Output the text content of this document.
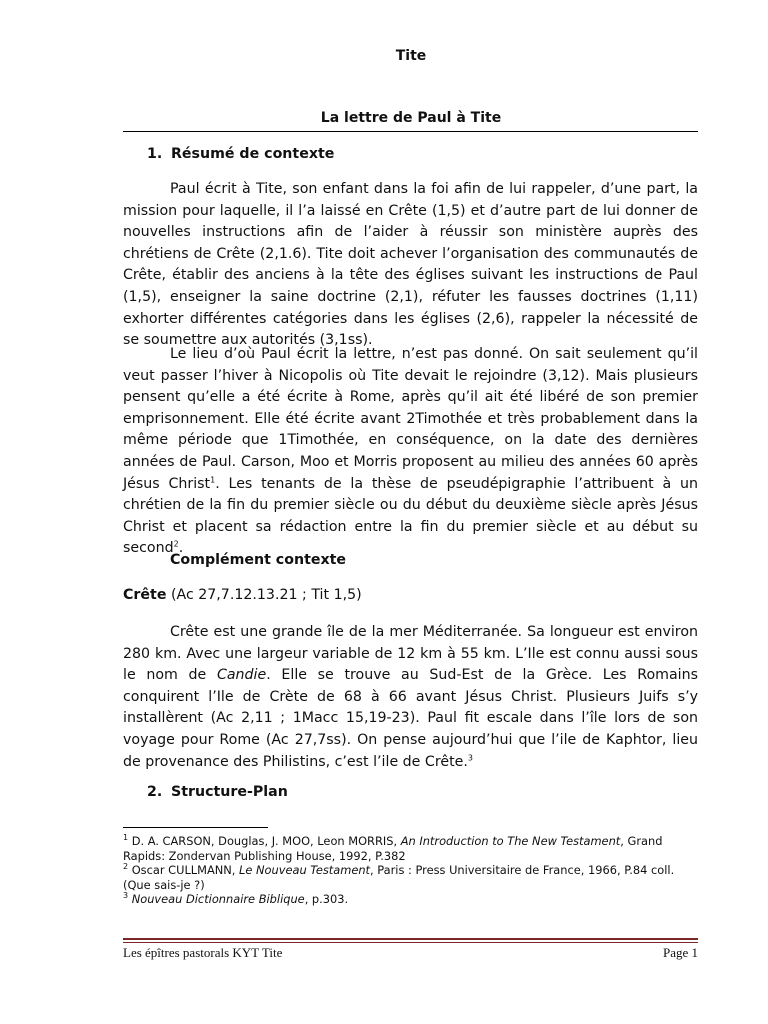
Tite
La lettre de Paul à Tite
1. Résumé de contexte

Paul écrit à Tite, son enfant dans la foi afin de lui rappeler, d’une part, la mission pour laquelle, il l’a laissé en Crête (1,5) et d’autre part de lui donner de nouvelles instructions afin de l’aider à réussir son ministère auprès des chrétiens de Crête (2,1.6). Tite doit achever l’organisation des communautés de Crête, établir des anciens à la tête des églises suivant les instructions de Paul (1,5), enseigner la saine doctrine (2,1), réfuter les fausses doctrines (1,11) exhorter différentes catégories dans les églises (2,6), rappeler la nécessité de se soumettre aux autorités (3,1ss).

Le lieu d’où Paul écrit la lettre, n’est pas donné. On sait seulement qu’il veut passer l’hiver à Nicopolis où Tite devait le rejoindre (3,12). Mais plusieurs pensent qu’elle a été écrite à Rome, après qu’il ait été libéré de son premier emprisonnement. Elle été écrite avant 2Timothée et très probablement dans la même période que 1Timothée, en conséquence, on la date des dernières années de Paul. Carson, Moo et Morris proposent au milieu des années 60 après Jésus Christ$^1$. Les tenants de la thèse de pseudépigraphie l’attribuent à un chrétien de la fin du premier siècle ou du début du deuxième siècle après Jésus Christ et placent sa rédaction entre la fin du premier siècle et au début su second$^2$.

Complément contexte

Crête (Ac 27,7.12.13.21 ; Tit 1,5)

Crête est une grande île de la mer Méditerranée. Sa longueur est environ 280 km. Avec une largeur variable de 12 km à 55 km. L’Ile est connu aussi sous le nom de Candie. Elle se trouve au Sud-Est de la Grèce. Les Romains conquirent l’Ile de Crète de 68 à 66 avant Jésus Christ. Plusieurs Juifs s’y installèrent (Ac 2,11 ; 1Macc 15,19-23). Paul fit escale dans l’île lors de son voyage pour Rome (Ac 27,7ss). On pense aujourd’hui que l’ile de Kaphtor, lieu de provenance des Philistins, c’est l’ile de Crête.$^3$

2. Structure-Plan

$^1$ D. A. CARSON, Douglas, J. MOO, Leon MORRIS, An Introduction to The New Testament, Grand Rapids: Zondervan Publishing House, 1992, P.382

$^2$ Oscar CULLMANN, Le Nouveau Testament, Paris : Press Universitaire de France, 1966, P.84 coll. (Que sais-je ?)

$^3$ Nouveau Dictionnaire Biblique, p.303.

Les épîtres pastorals KYT Tite	Page 1
